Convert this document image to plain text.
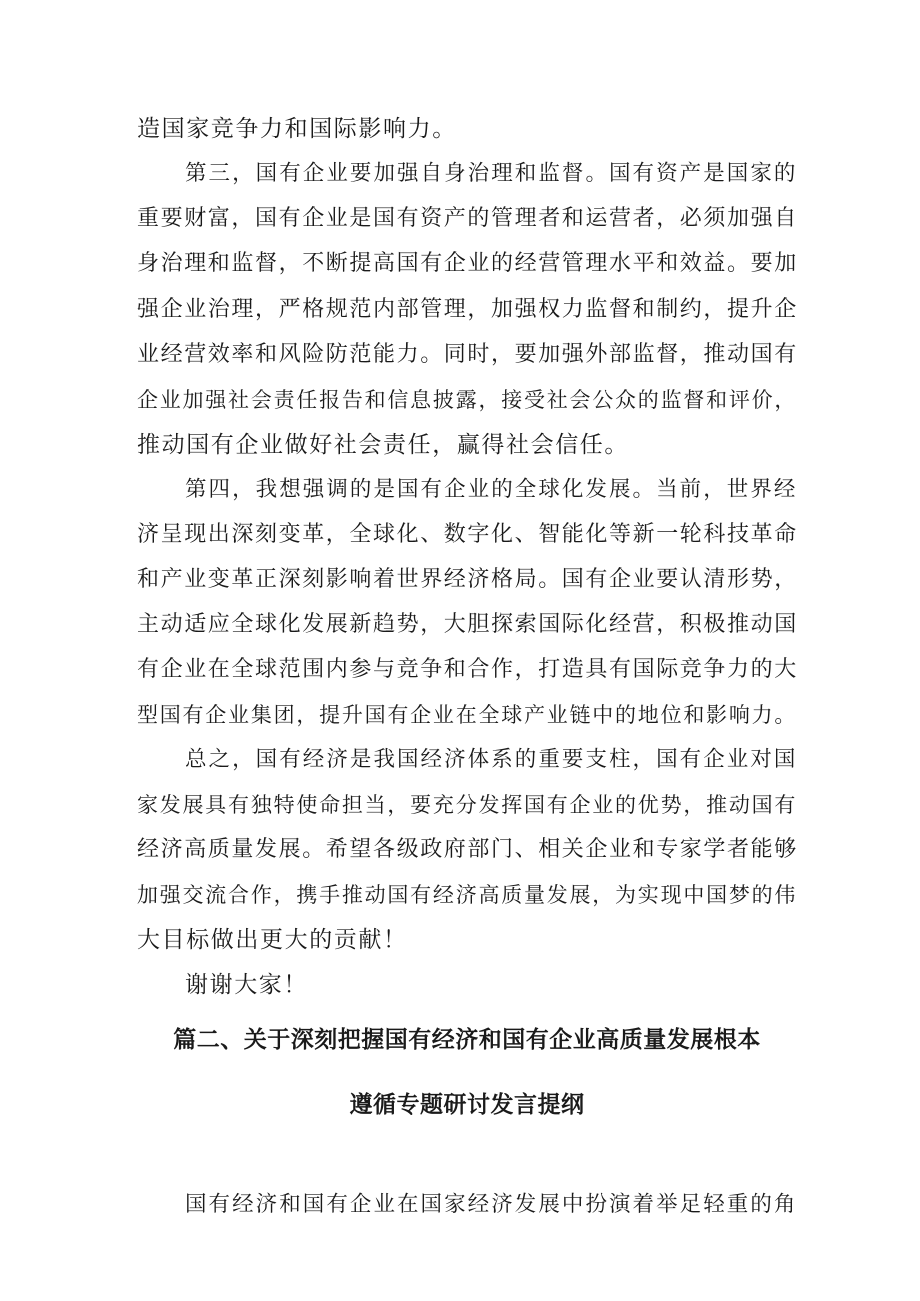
造国家竞争力和国际影响力。
第三，国有企业要加强自身治理和监督。国有资产是国家的
重要财富，国有企业是国有资产的管理者和运营者，必须加强自
身治理和监督，不断提高国有企业的经营管理水平和效益。要加
强企业治理，严格规范内部管理，加强权力监督和制约，提升企
业经营效率和风险防范能力。同时，要加强外部监督，推动国有
企业加强社会责任报告和信息披露，接受社会公众的监督和评价，
推动国有企业做好社会责任，赢得社会信任。
第四，我想强调的是国有企业的全球化发展。当前，世界经
济呈现出深刻变革，全球化、数字化、智能化等新一轮科技革命
和产业变革正深刻影响着世界经济格局。国有企业要认清形势，
主动适应全球化发展新趋势，大胆探索国际化经营，积极推动国
有企业在全球范围内参与竞争和合作，打造具有国际竞争力的大
型国有企业集团，提升国有企业在全球产业链中的地位和影响力。
总之，国有经济是我国经济体系的重要支柱，国有企业对国
家发展具有独特使命担当，要充分发挥国有企业的优势，推动国有
经济高质量发展。希望各级政府部门、相关企业和专家学者能够
加强交流合作，携手推动国有经济高质量发展，为实现中国梦的伟
大目标做出更大的贡献！
谢谢大家！
篇二、关于深刻把握国有经济和国有企业高质量发展根本
遵循专题研讨发言提纲
国有经济和国有企业在国家经济发展中扮演着举足轻重的角
